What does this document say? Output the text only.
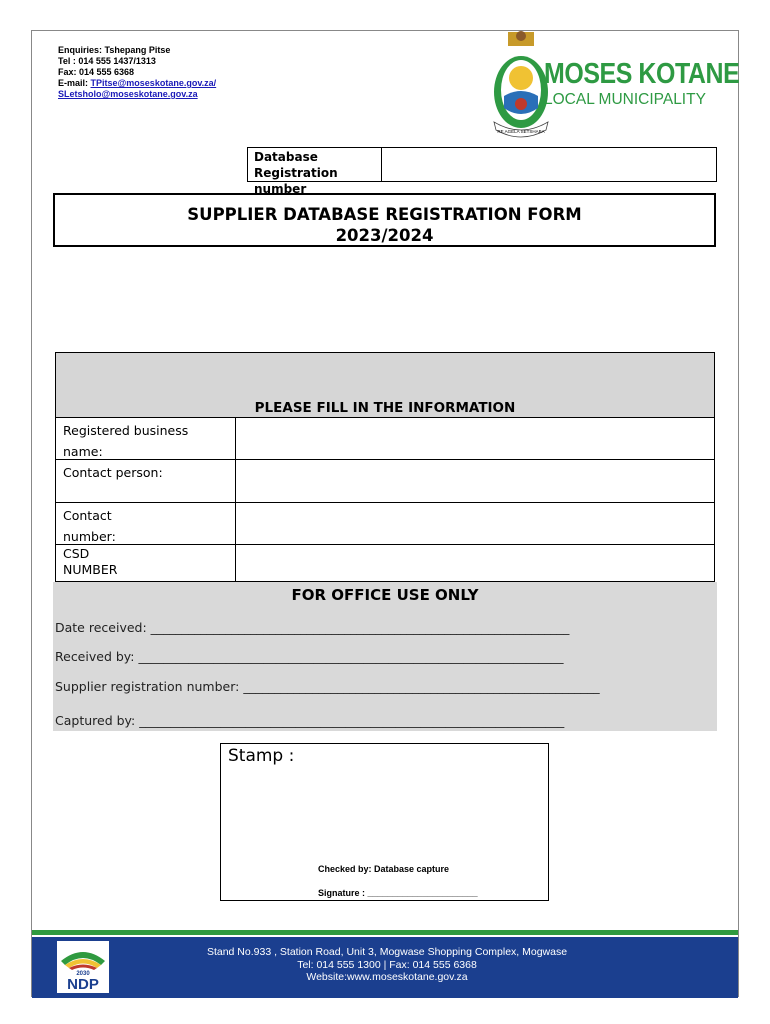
Enquiries: Tshepang Pitse
Tel : 014 555 1437/1313
Fax: 014 555 6368
E-mail: TPitse@moseskotane.gov.za/
SLetsholo@moseskotane.gov.za
RE AGELA SETSHABA
MOSES KOTANE
LOCAL MUNICIPALITY
Database
Registration number
SUPPLIER DATABASE REGISTRATION FORM
2023/2024
PLEASE FILL IN THE INFORMATION
Registered business
name:
Contact person:
Contact
number:
CSD
NUMBER
FOR OFFICE USE ONLY
Date received: ___________________________________________________________________
Received by: ____________________________________________________________________
Supplier registration number: _________________________________________________________
Captured by: ____________________________________________________________________
Stamp :
Checked by: Database capture
Signature : ______________________
2030
NDP
Stand No.933 , Station Road, Unit 3, Mogwase Shopping Complex, Mogwase
Tel: 014 555 1300 | Fax: 014 555 6368
Website:www.moseskotane.gov.za
